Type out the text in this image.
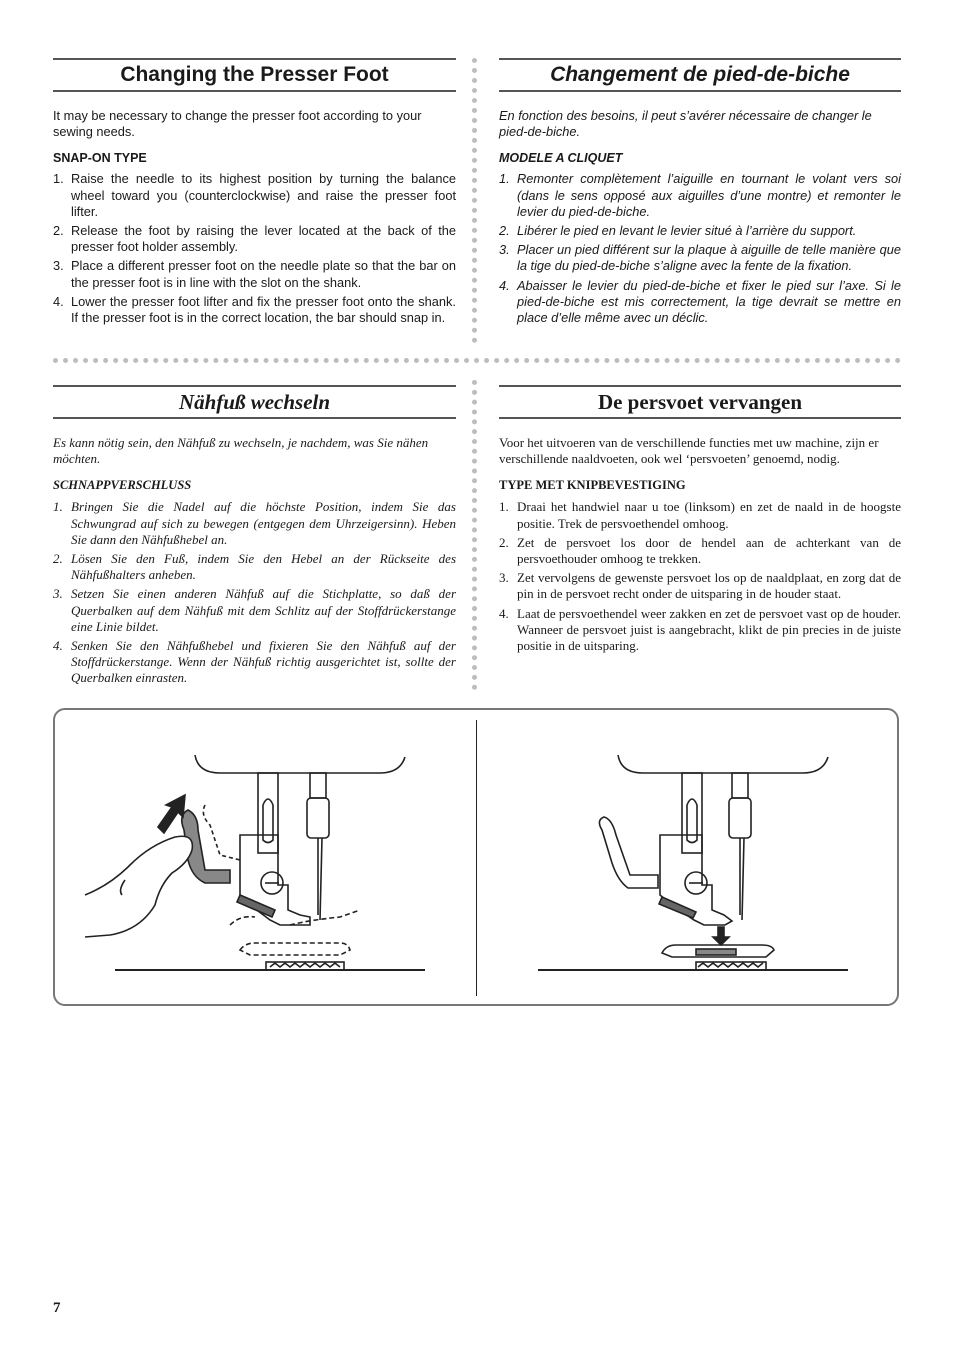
Changing the Presser Foot

It may be necessary to change the presser foot according to your sewing needs.

SNAP-ON TYPE
1. Raise the needle to its highest position by turning the balance wheel toward you (counterclockwise) and raise the presser foot lifter.
2. Release the foot by raising the lever located at the back of the presser foot holder assembly.
3. Place a different presser foot on the needle plate so that the bar on the presser foot is in line with the slot on the shank.
4. Lower the presser foot lifter and fix the presser foot onto the shank. If the presser foot is in the correct location, the bar should snap in.
Changement de pied-de-biche

En fonction des besoins, il peut s’avérer nécessaire de changer le pied-de-biche.

MODELE A CLIQUET
1. Remonter complètement l’aiguille en tournant le volant vers soi (dans le sens opposé aux aiguilles d’une montre) et remonter le levier du pied-de-biche.
2. Libérer le pied en levant le levier situé à l’arrière du support.
3. Placer un pied différent sur la plaque à aiguille de telle manière que la tige du pied-de-biche s’aligne avec la fente de la fixation.
4. Abaisser le levier du pied-de-biche et fixer le pied sur l’axe. Si le pied-de-biche est mis correctement, la tige devrait se mettre en place d’elle même avec un déclic.
Nähfuß wechseln

Es kann nötig sein, den Nähfuß zu wechseln, je nachdem, was Sie nähen möchten.

SCHNAPPVERSCHLUSS
1. Bringen Sie die Nadel auf die höchste Position, indem Sie das Schwungrad auf sich zu bewegen (entgegen dem Uhrzeigersinn). Heben Sie dann den Nähfußhebel an.
2. Lösen Sie den Fuß, indem Sie den Hebel an der Rückseite des Nähfußhalters anheben.
3. Setzen Sie einen anderen Nähfuß auf die Stichplatte, so daß der Querbalken auf dem Nähfuß mit dem Schlitz auf der Stoffdrückerstange eine Linie bildet.
4. Senken Sie den Nähfußhebel und fixieren Sie den Nähfuß auf der Stoffdrückerstange. Wenn der Nähfuß richtig ausgerichtet ist, sollte der Querbalken einrasten.
De persvoet vervangen

Voor het uitvoeren van de verschillende functies met uw machine, zijn er verschillende naaldvoeten, ook wel ‘persvoeten’ genoemd, nodig.

TYPE MET KNIPBEVESTIGING
1. Draai het handwiel naar u toe (linksom) en zet de naald in de hoogste positie. Trek de persvoethendel omhoog.
2. Zet de persvoet los door de hendel aan de achterkant van de persvoethouder omhoog te trekken.
3. Zet vervolgens de gewenste persvoet los op de naaldplaat, en zorg dat de pin in de persvoet recht onder de uitsparing in de houder staat.
4. Laat de persvoethendel weer zakken en zet de persvoet vast op de houder. Wanneer de persvoet juist is aangebracht, klikt de pin precies in de juiste positie in de uitsparing.
7
